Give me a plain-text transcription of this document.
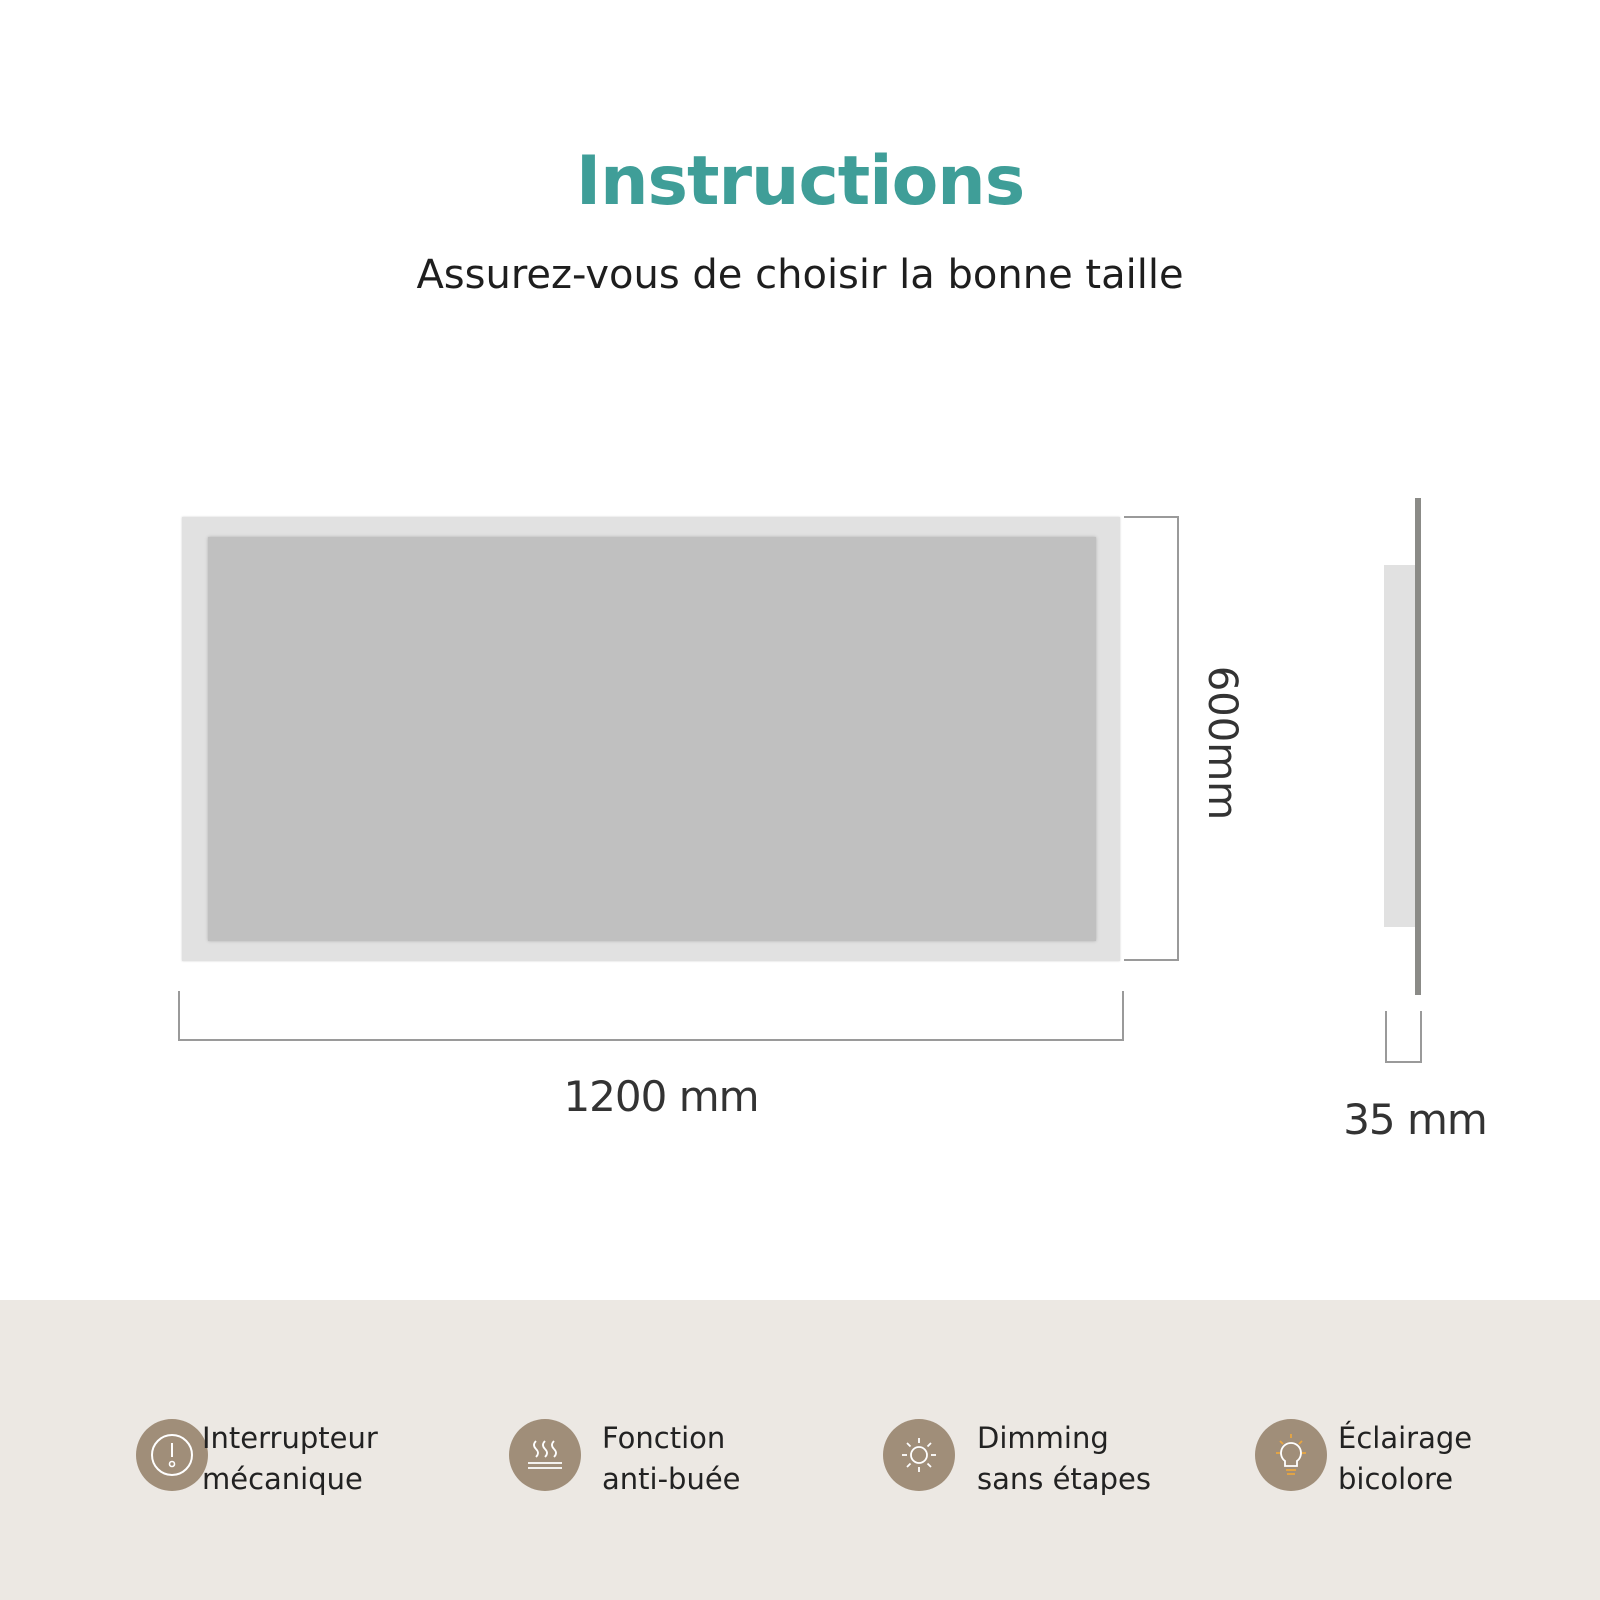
Instructions
Assurez-vous de choisir la bonne taille
600mm
1200 mm	35 mm
Interrupteur
mécanique
Fonction
anti-buée
Dimming
sans étapes
Éclairage
bicolore
